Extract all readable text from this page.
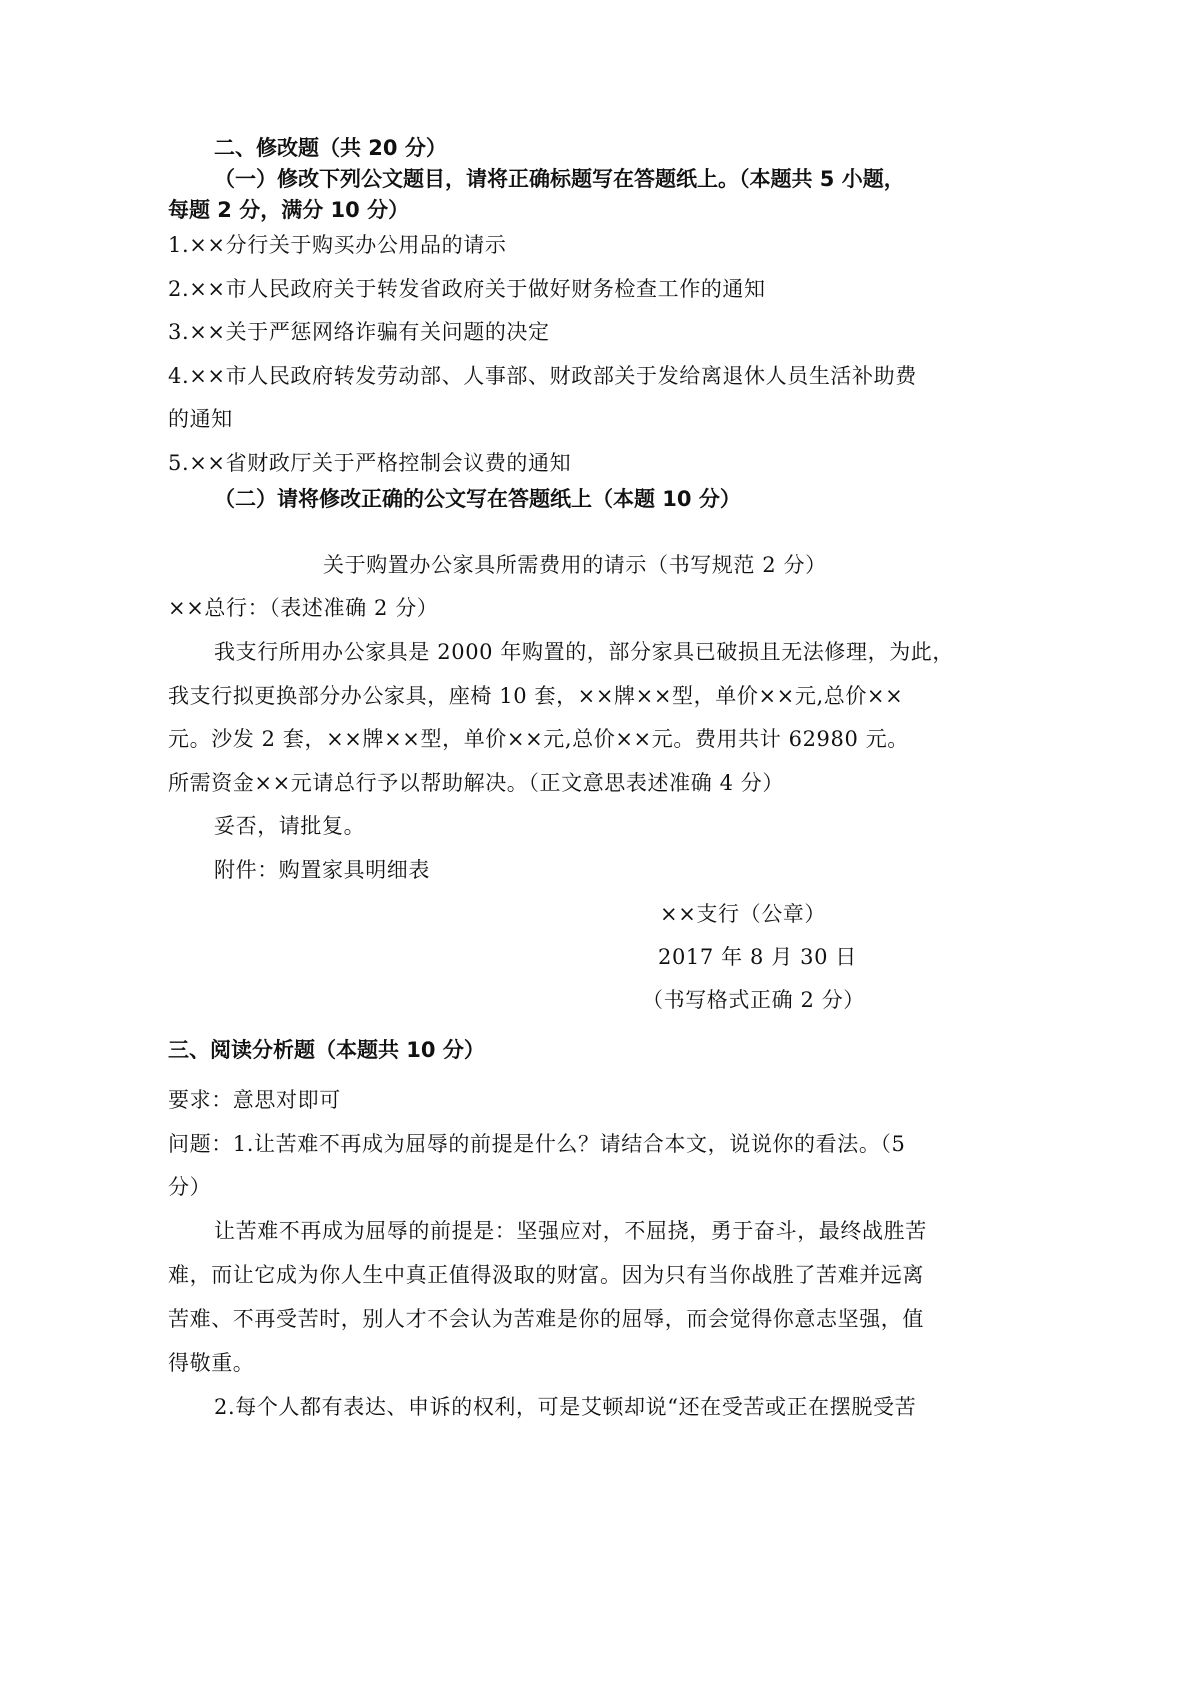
二、修改题（共 20 分）
（一）修改下列公文题目，请将正确标题写在答题纸上。（本题共 5 小题，
每题 2 分，满分 10 分）
1.××分行关于购买办公用品的请示
2.××市人民政府关于转发省政府关于做好财务检查工作的通知
3.××关于严惩网络诈骗有关问题的决定
4.××市人民政府转发劳动部、人事部、财政部关于发给离退休人员生活补助费
的通知
5.××省财政厅关于严格控制会议费的通知
（二）请将修改正确的公文写在答题纸上（本题 10 分）
关于购置办公家具所需费用的请示（书写规范 2 分）
××总行：（表述准确 2 分）
我支行所用办公家具是 2000 年购置的，部分家具已破损且无法修理，为此，
我支行拟更换部分办公家具，座椅 10 套，××牌××型，单价××元,总价××
元。沙发 2 套，××牌××型，单价××元,总价××元。费用共计 62980 元。
所需资金××元请总行予以帮助解决。（正文意思表述准确 4 分）
妥否，请批复。
附件：购置家具明细表
××支行（公章）
2017 年 8 月 30 日
（书写格式正确 2 分）
三、阅读分析题（本题共 10 分）
要求：意思对即可
问题：1.让苦难不再成为屈辱的前提是什么？请结合本文，说说你的看法。（5
分）
让苦难不再成为屈辱的前提是：坚强应对，不屈挠，勇于奋斗，最终战胜苦
难，而让它成为你人生中真正值得汲取的财富。因为只有当你战胜了苦难并远离
苦难、不再受苦时，别人才不会认为苦难是你的屈辱，而会觉得你意志坚强，值
得敬重。
2.每个人都有表达、申诉的权利，可是艾顿却说“还在受苦或正在摆脱受苦
